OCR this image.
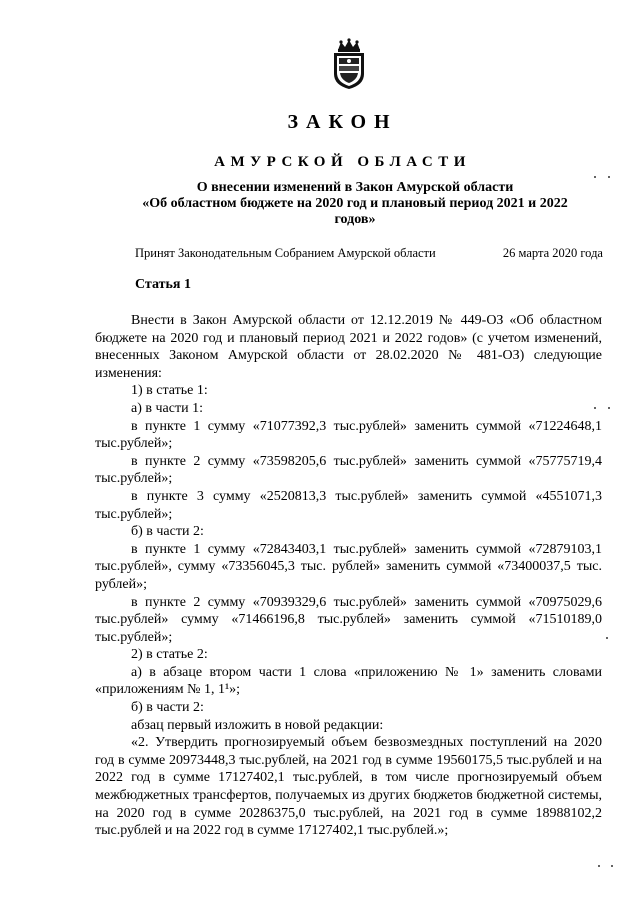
ЗАКОН
АМУРСКОЙ ОБЛАСТИ
О внесении изменений в Закон Амурской области
«Об областном бюджете на 2020 год и плановый период 2021 и 2022
годов»
Принят Законодательным Собранием Амурской области	26 марта 2020 года
Статья 1

Внести в Закон Амурской области от 12.12.2019 № 449-ОЗ «Об областном бюджете на 2020 год и плановый период 2021 и 2022 годов» (с учетом изменений, внесенных Законом Амурской области от 28.02.2020 № 481-ОЗ) следующие изменения:

1) в статье 1:

а) в части 1:

в пункте 1 сумму «71077392,3 тыс.рублей» заменить суммой «71224648,1 тыс.рублей»;

в пункте 2 сумму «73598205,6 тыс.рублей» заменить суммой «75775719,4 тыс.рублей»;

в пункте 3 сумму «2520813,3 тыс.рублей» заменить суммой «4551071,3 тыс.рублей»;

б) в части 2:

в пункте 1 сумму «72843403,1 тыс.рублей» заменить суммой «72879103,1 тыс.рублей», сумму «73356045,3 тыс. рублей» заменить суммой «73400037,5 тыс. рублей»;

в пункте 2 сумму «70939329,6 тыс.рублей» заменить суммой «70975029,6 тыс.рублей» сумму «71466196,8 тыс.рублей» заменить суммой «71510189,0 тыс.рублей»;

2) в статье 2:

а) в абзаце втором части 1 слова «приложению № 1» заменить словами «приложениям № 1, 1¹»;

б) в части 2:

абзац первый изложить в новой редакции:

«2. Утвердить прогнозируемый объем безвозмездных поступлений на 2020 год в сумме 20973448,3 тыс.рублей, на 2021 год в сумме 19560175,5 тыс.рублей и на 2022 год в сумме 17127402,1 тыс.рублей, в том числе прогнозируемый объем межбюджетных трансфертов, получаемых из других бюджетов бюджетной системы, на 2020 год в сумме 20286375,0 тыс.рублей, на 2021 год в сумме 18988102,2 тыс.рублей и на 2022 год в сумме 17127402,1 тыс.рублей.»;
